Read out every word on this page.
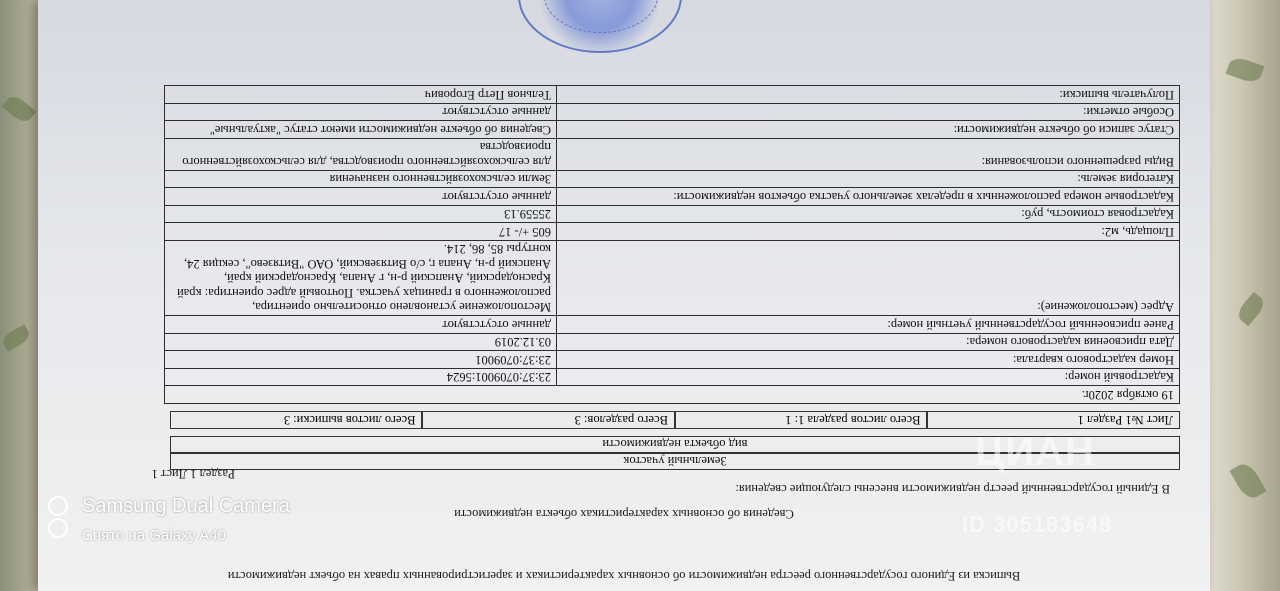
Выписка из Единого государственного реестра недвижимости об основных характеристиках и зарегистрированных правах на объект недвижимости
Сведения об основных характеристиках объекта недвижимости
В Единый государственный реестр недвижимости внесены следующие сведения:
Раздел 1 Лист 1
Земельный участок
вид объекта недвижимости
Лист №1 Раздел 1
Всего листов раздела 1: 1
Всего разделов: 3
Всего листов выписки: 3
19 октября 2020г.	
Кадастровый номер:	23:37:0709001:5624
Номер кадастрового квартала:	23:37:0709001
Дата присвоения кадастрового номера:	03.12.2019
Ранее присвоенный государственный учетный номер:	данные отсутствуют
Адрес (местоположение):	Местоположение установлено относительно ориентира, расположенного в границах участка. Почтовый адрес ориентира: край Краснодарский, Анапский р-н, г Анапа, Краснодарский край, Анапский р-н, Анапа г, с/о Витязевский, ОАО "Витязево", секция 24, контуры 85, 86, 214.
Площадь, м2:	605 +/- 17
Кадастровая стоимость, руб:	25559.13
Кадастровые номера расположенных в пределах земельного участка объектов недвижимости:	данные отсутствуют
Категория земель:	Земли сельскохозяйственного назначения
Виды разрешенного использования:	для сельскохозяйственного производства, для сельскохозяйственного производства
Статус записи об объекте недвижимости:	Сведения об объекте недвижимости имеют статус "актуальные"
Особые отметки:	данные отсутствуют
Получатель выписки:	Тельнов Петр Егорович
ЦИАН
ID 305183648
Samsung Dual Camera
Снято на Galaxy A40
